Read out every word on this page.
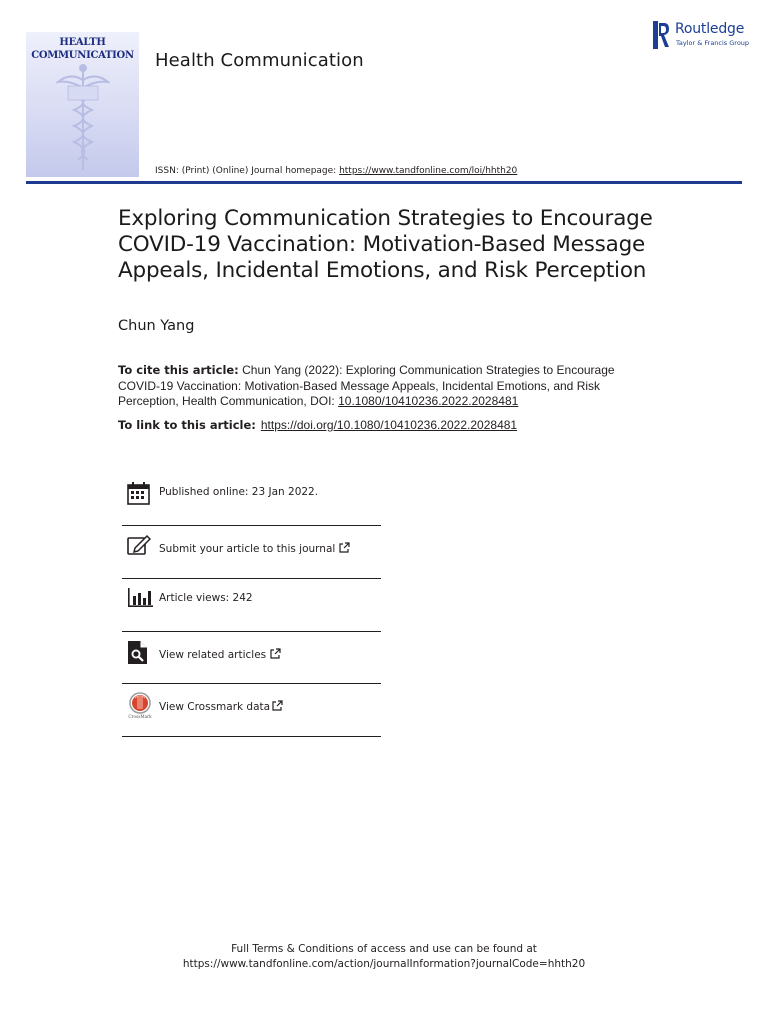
HEALTH
COMMUNICATION Health Communication
Routledge
Taylor & Francis Group
ISSN: (Print) (Online) Journal homepage: https://www.tandfonline.com/loi/hhth20
Exploring Communication Strategies to Encourage COVID-19 Vaccination: Motivation-Based Message Appeals, Incidental Emotions, and Risk Perception
Chun Yang
To cite this article: Chun Yang (2022): Exploring Communication Strategies to Encourage COVID-19 Vaccination: Motivation-Based Message Appeals, Incidental Emotions, and Risk Perception, Health Communication, DOI: 10.1080/10410236.2022.2028481
To link to this article: https://doi.org/10.1080/10410236.2022.2028481
Published online: 23 Jan 2022.
Submit your article to this journal
Article views: 242
View related articles
CrossMark
View Crossmark data
Full Terms & Conditions of access and use can be found at
https://www.tandfonline.com/action/journalInformation?journalCode=hhth20
